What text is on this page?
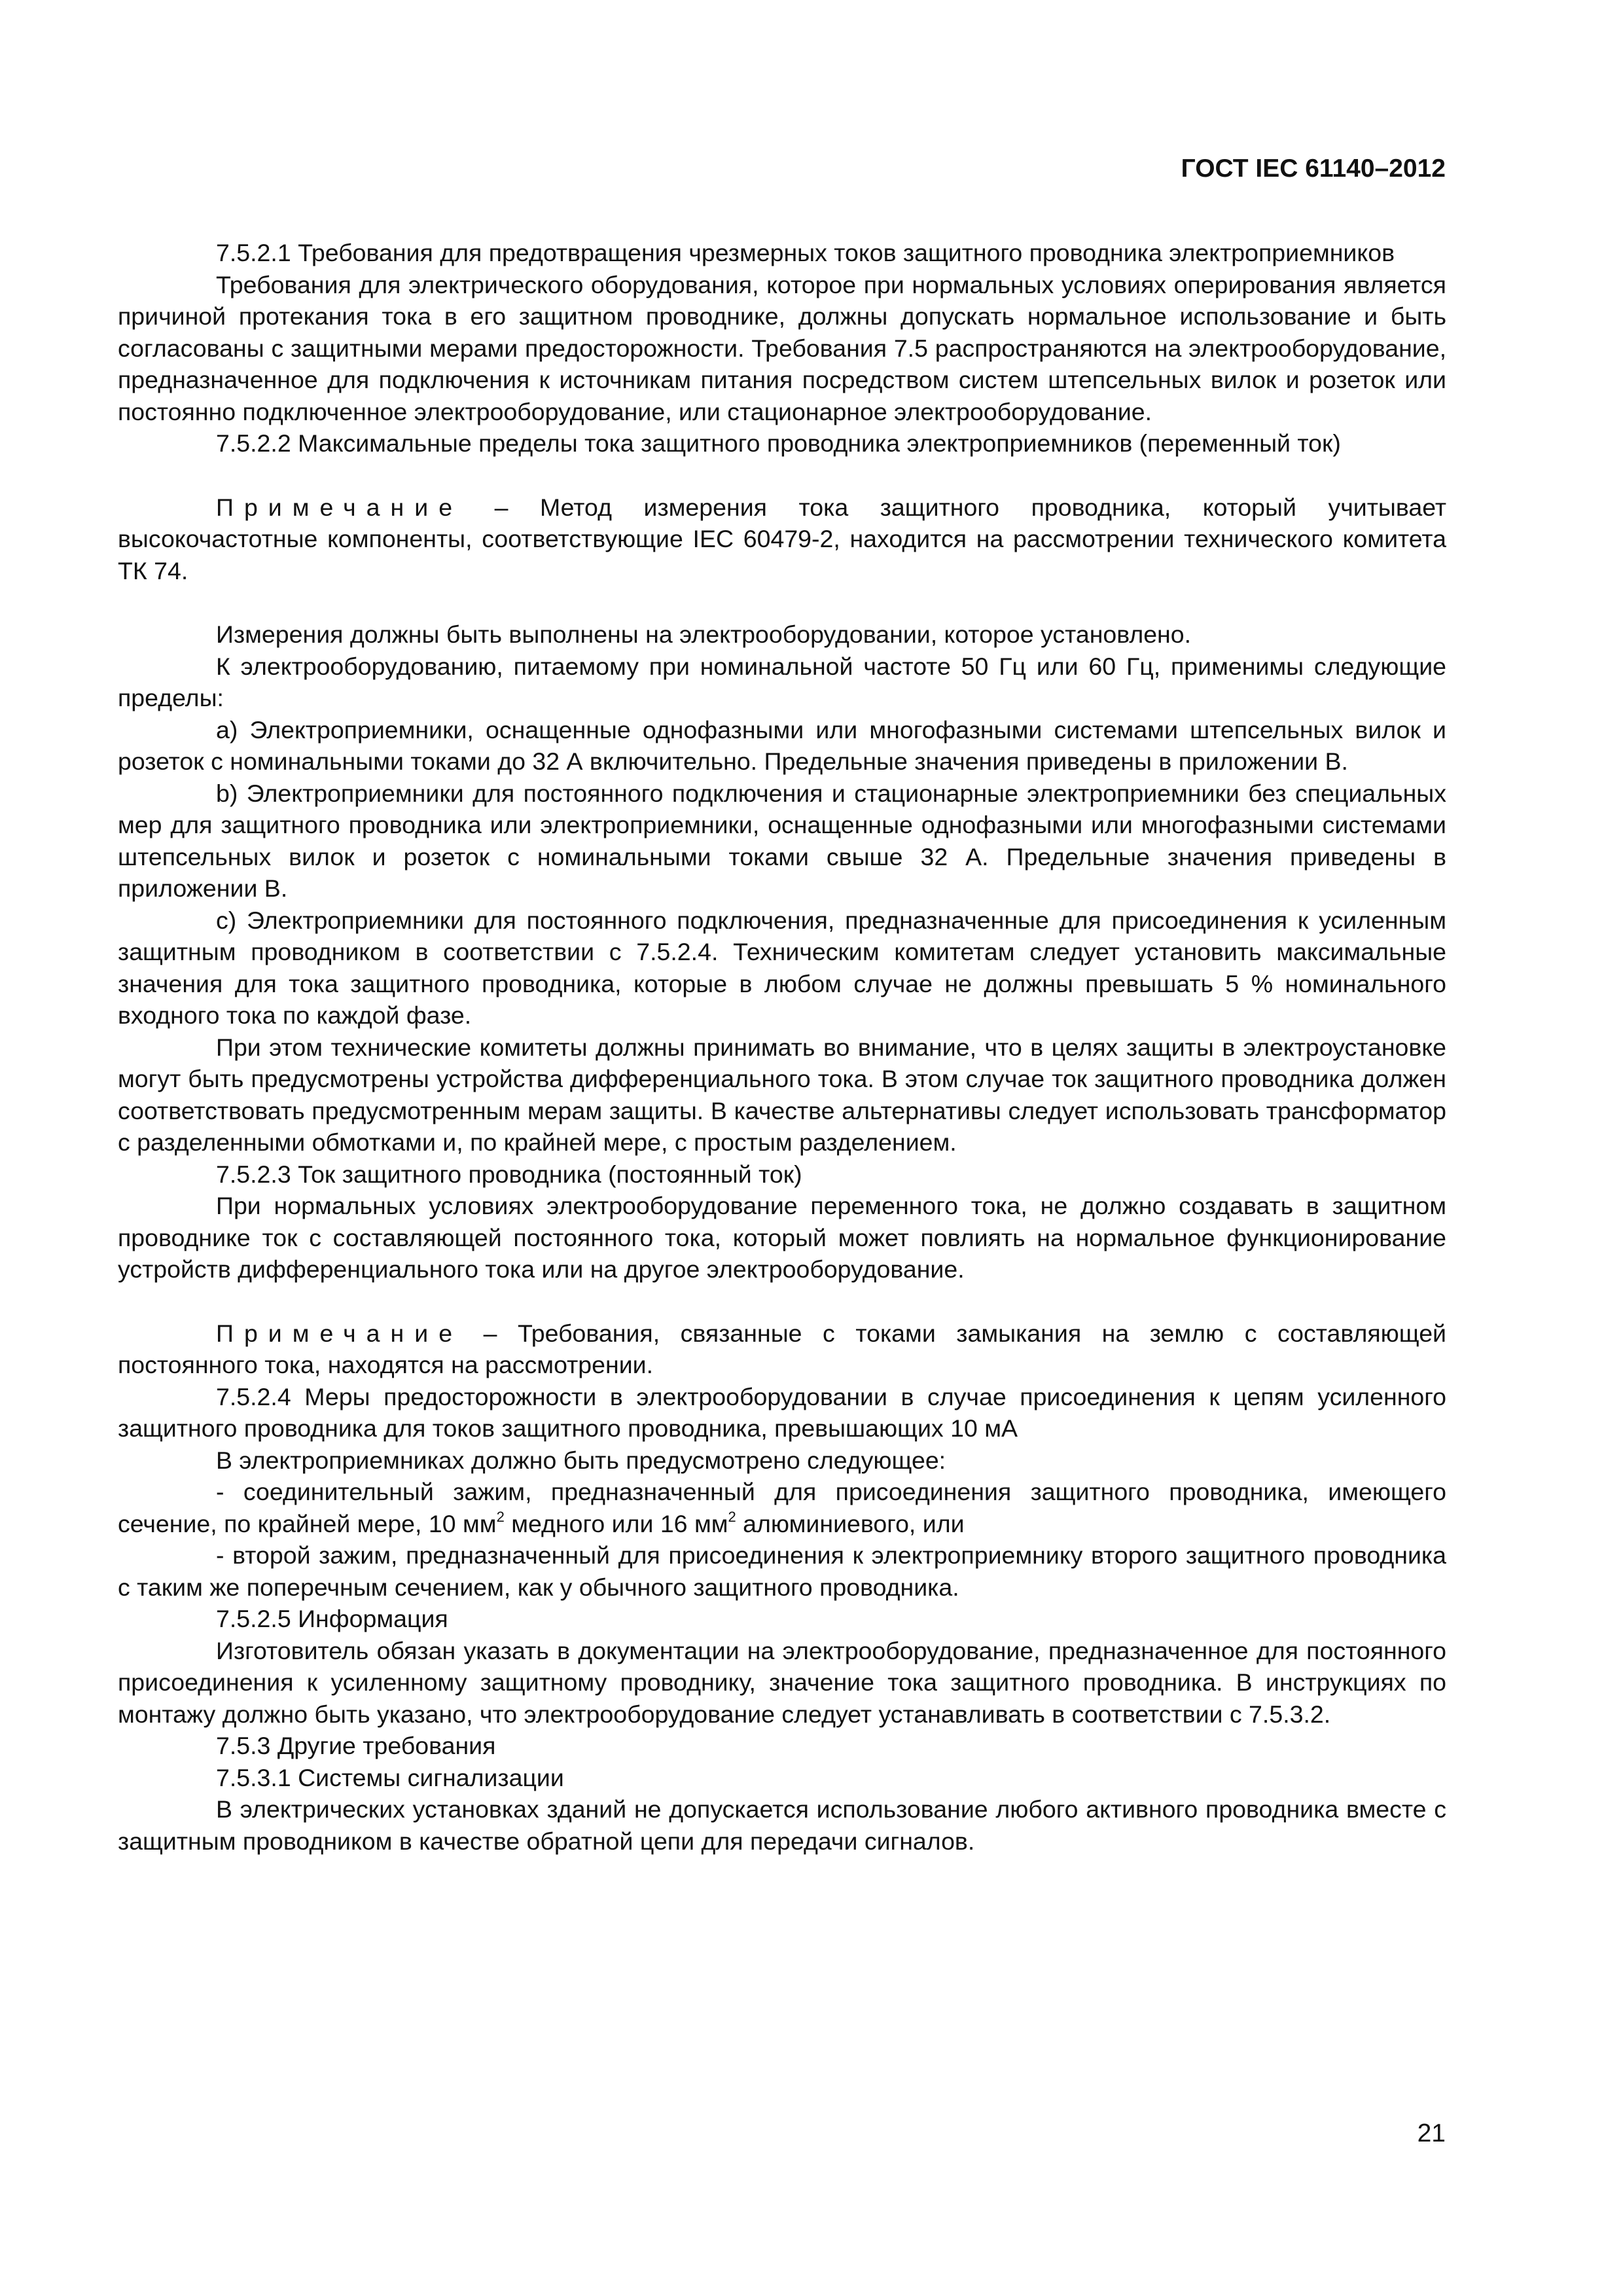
ГОСТ IEC 61140–2012

7.5.2.1 Требования для предотвращения чрезмерных токов защитного проводника электроприемников

Требования для электрического оборудования, которое при нормальных условиях оперирования является причиной протекания тока в его защитном проводнике, должны допускать нормальное использование и быть согласованы с защитными мерами предосторожности. Требования 7.5 распространяются на электрооборудование, предназначенное для подключения к источникам питания посредством систем штепсельных вилок и розеток или постоянно подключенное электрооборудование, или стационарное электрооборудование.

7.5.2.2 Максимальные пределы тока защитного проводника электроприемников (переменный ток)

Примечание – Метод измерения тока защитного проводника, который учитывает высокочастотные компоненты, соответствующие IEC 60479-2, находится на рассмотрении технического комитета ТК 74.

Измерения должны быть выполнены на электрооборудовании, которое установлено.

К электрооборудованию, питаемому при номинальной частоте 50 Гц или 60 Гц, применимы следующие пределы:

a) Электроприемники, оснащенные однофазными или многофазными системами штепсельных вилок и розеток с номинальными токами до 32 А включительно. Предельные значения приведены в приложении В.

b) Электроприемники для постоянного подключения и стационарные электроприемники без специальных мер для защитного проводника или электроприемники, оснащенные однофазными или многофазными системами штепсельных вилок и розеток с номинальными токами свыше 32 А. Предельные значения приведены в приложении В.

c) Электроприемники для постоянного подключения, предназначенные для присоединения к усиленным защитным проводником в соответствии с 7.5.2.4. Техническим комитетам следует установить максимальные значения для тока защитного проводника, которые в любом случае не должны превышать 5 % номинального входного тока по каждой фазе.

При этом технические комитеты должны принимать во внимание, что в целях защиты в электроустановке могут быть предусмотрены устройства дифференциального тока. В этом случае ток защитного проводника должен соответствовать предусмотренным мерам защиты. В качестве альтернативы следует использовать трансформатор с разделенными обмотками и, по крайней мере, с простым разделением.

7.5.2.3 Ток защитного проводника (постоянный ток)

При нормальных условиях электрооборудование переменного тока, не должно создавать в защитном проводнике ток с составляющей постоянного тока, который может повлиять на нормальное функционирование устройств дифференциального тока или на другое электрооборудование.

Примечание – Требования, связанные с токами замыкания на землю с составляющей постоянного тока, находятся на рассмотрении.

7.5.2.4 Меры предосторожности в электрооборудовании в случае присоединения к цепям усиленного защитного проводника для токов защитного проводника, превышающих 10 мА

В электроприемниках должно быть предусмотрено следующее:

- соединительный зажим, предназначенный для присоединения защитного проводника, имеющего сечение, по крайней мере, 10 $мм^2$ медного или 16 $мм^2$ алюминиевого, или

- второй зажим, предназначенный для присоединения к электроприемнику второго защитного проводника с таким же поперечным сечением, как у обычного защитного проводника.

7.5.2.5 Информация

Изготовитель обязан указать в документации на электрооборудование, предназначенное для постоянного присоединения к усиленному защитному проводнику, значение тока защитного проводника. В инструкциях по монтажу должно быть указано, что электрооборудование следует устанавливать в соответствии с 7.5.3.2.

7.5.3 Другие требования

7.5.3.1 Системы сигнализации

В электрических установках зданий не допускается использование любого активного проводника вместе с защитным проводником в качестве обратной цепи для передачи сигналов.

21
